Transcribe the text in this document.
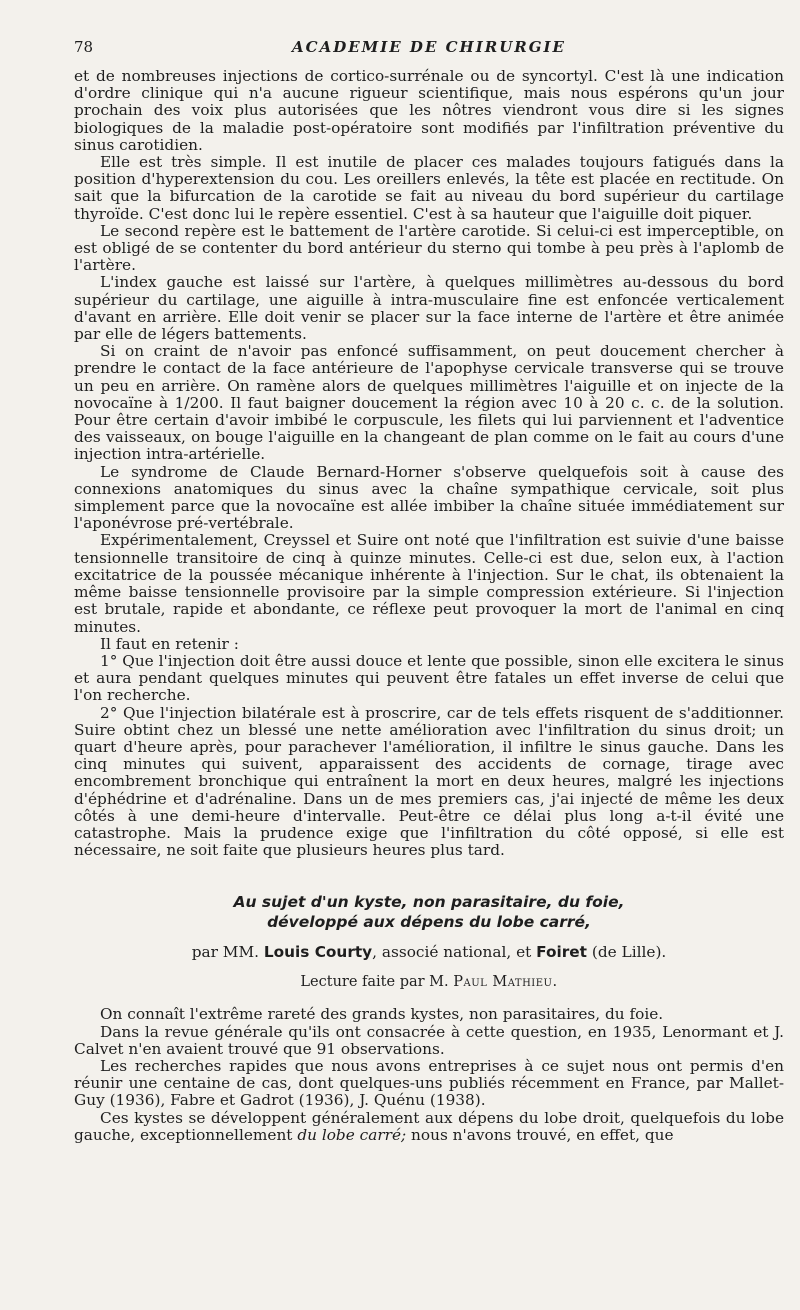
78	ACADEMIE DE CHIRURGIE

et de nombreuses injections de cortico-surrénale ou de syncortyl. C'est là une indication d'ordre clinique qui n'a aucune rigueur scientifique, mais nous espérons qu'un jour prochain des voix plus autorisées que les nôtres viendront vous dire si les signes biologiques de la maladie post-opératoire sont modifiés par l'infiltration préventive du sinus carotidien.

Elle est très simple. Il est inutile de placer ces malades toujours fatigués dans la position d'hyperextension du cou. Les oreillers enlevés, la tête est placée en rectitude. On sait que la bifurcation de la carotide se fait au niveau du bord supérieur du cartilage thyroïde. C'est donc lui le repère essentiel. C'est à sa hauteur que l'aiguille doit piquer.

Le second repère est le battement de l'artère carotide. Si celui-ci est imperceptible, on est obligé de se contenter du bord antérieur du sterno qui tombe à peu près à l'aplomb de l'artère.

L'index gauche est laissé sur l'artère, à quelques millimètres au-dessous du bord supérieur du cartilage, une aiguille à intra-musculaire fine est enfoncée verticalement d'avant en arrière. Elle doit venir se placer sur la face interne de l'artère et être animée par elle de légers battements.

Si on craint de n'avoir pas enfoncé suffisamment, on peut doucement chercher à prendre le contact de la face antérieure de l'apophyse cervicale transverse qui se trouve un peu en arrière. On ramène alors de quelques millimètres l'aiguille et on injecte de la novocaïne à 1/200. Il faut baigner doucement la région avec 10 à 20 c. c. de la solution. Pour être certain d'avoir imbibé le corpuscule, les filets qui lui parviennent et l'adventice des vaisseaux, on bouge l'aiguille en la changeant de plan comme on le fait au cours d'une injection intra-artérielle.

Le syndrome de Claude Bernard-Horner s'observe quelquefois soit à cause des connexions anatomiques du sinus avec la chaîne sympathique cervicale, soit plus simplement parce que la novocaïne est allée imbiber la chaîne située immédiatement sur l'aponévrose pré-vertébrale.

Expérimentalement, Creyssel et Suire ont noté que l'infiltration est suivie d'une baisse tensionnelle transitoire de cinq à quinze minutes. Celle-ci est due, selon eux, à l'action excitatrice de la poussée mécanique inhérente à l'injection. Sur le chat, ils obtenaient la même baisse tensionnelle provisoire par la simple compression extérieure. Si l'injection est brutale, rapide et abondante, ce réflexe peut provoquer la mort de l'animal en cinq minutes.

Il faut en retenir :

1° Que l'injection doit être aussi douce et lente que possible, sinon elle excitera le sinus et aura pendant quelques minutes qui peuvent être fatales un effet inverse de celui que l'on recherche.

2° Que l'injection bilatérale est à proscrire, car de tels effets risquent de s'additionner. Suire obtint chez un blessé une nette amélioration avec l'infiltration du sinus droit; un quart d'heure après, pour parachever l'amélioration, il infiltre le sinus gauche. Dans les cinq minutes qui suivent, apparaissent des accidents de cornage, tirage avec encombrement bronchique qui entraînent la mort en deux heures, malgré les injections d'éphédrine et d'adrénaline. Dans un de mes premiers cas, j'ai injecté de même les deux côtés à une demi-heure d'intervalle. Peut-être ce délai plus long a-t-il évité une catastrophe. Mais la prudence exige que l'infiltration du côté opposé, si elle est nécessaire, ne soit faite que plusieurs heures plus tard.

Au sujet d'un kyste, non parasitaire, du foie,
développé aux dépens du lobe carré,

par MM. Louis Courty, associé national, et Foiret (de Lille).

Lecture faite par M. Paul Mathieu.

On connaît l'extrême rareté des grands kystes, non parasitaires, du foie.

Dans la revue générale qu'ils ont consacrée à cette question, en 1935, Lenormant et J. Calvet n'en avaient trouvé que 91 observations.

Les recherches rapides que nous avons entreprises à ce sujet nous ont permis d'en réunir une centaine de cas, dont quelques-uns publiés récemment en France, par Mallet-Guy (1936), Fabre et Gadrot (1936), J. Quénu (1938).

Ces kystes se développent généralement aux dépens du lobe droit, quelquefois du lobe gauche, exceptionnellement du lobe carré; nous n'avons trouvé, en effet, que
